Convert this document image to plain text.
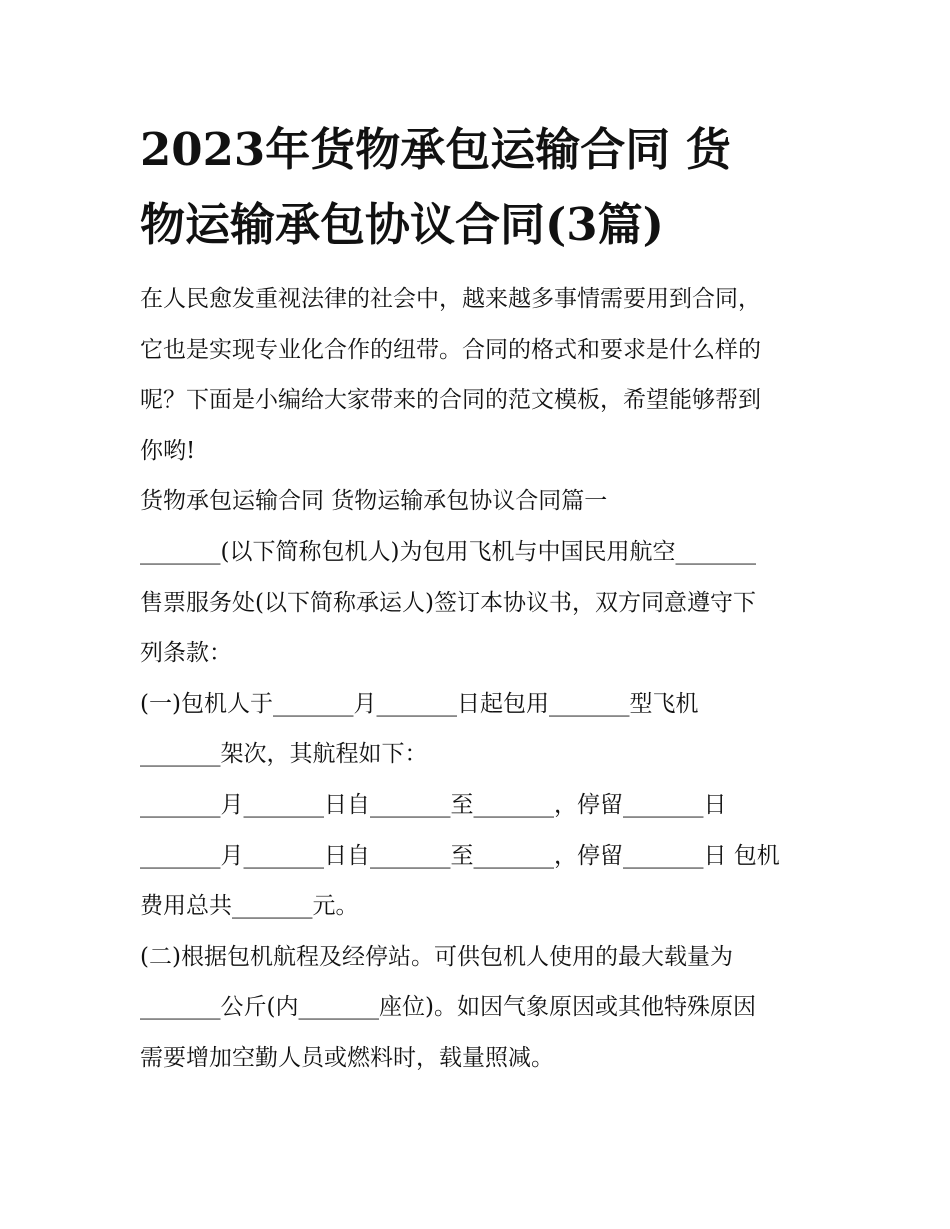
2023年货物承包运输合同 货
物运输承包协议合同(3篇)
在人民愈发重视法律的社会中，越来越多事情需要用到合同，
它也是实现专业化合作的纽带。合同的格式和要求是什么样的
呢？下面是小编给大家带来的合同的范文模板，希望能够帮到
你哟!
货物承包运输合同 货物运输承包协议合同篇一
_______(以下简称包机人)为包用飞机与中国民用航空_______
售票服务处(以下简称承运人)签订本协议书，双方同意遵守下
列条款：
(一)包机人于_______月_______日起包用_______型飞机
_______架次，其航程如下：
_______月_______日自_______至_______，停留_______日
_______月_______日自_______至_______，停留_______日 包机
费用总共_______元。
(二)根据包机航程及经停站。可供包机人使用的最大载量为
_______公斤(内_______座位)。如因气象原因或其他特殊原因
需要增加空勤人员或燃料时，载量照减。
